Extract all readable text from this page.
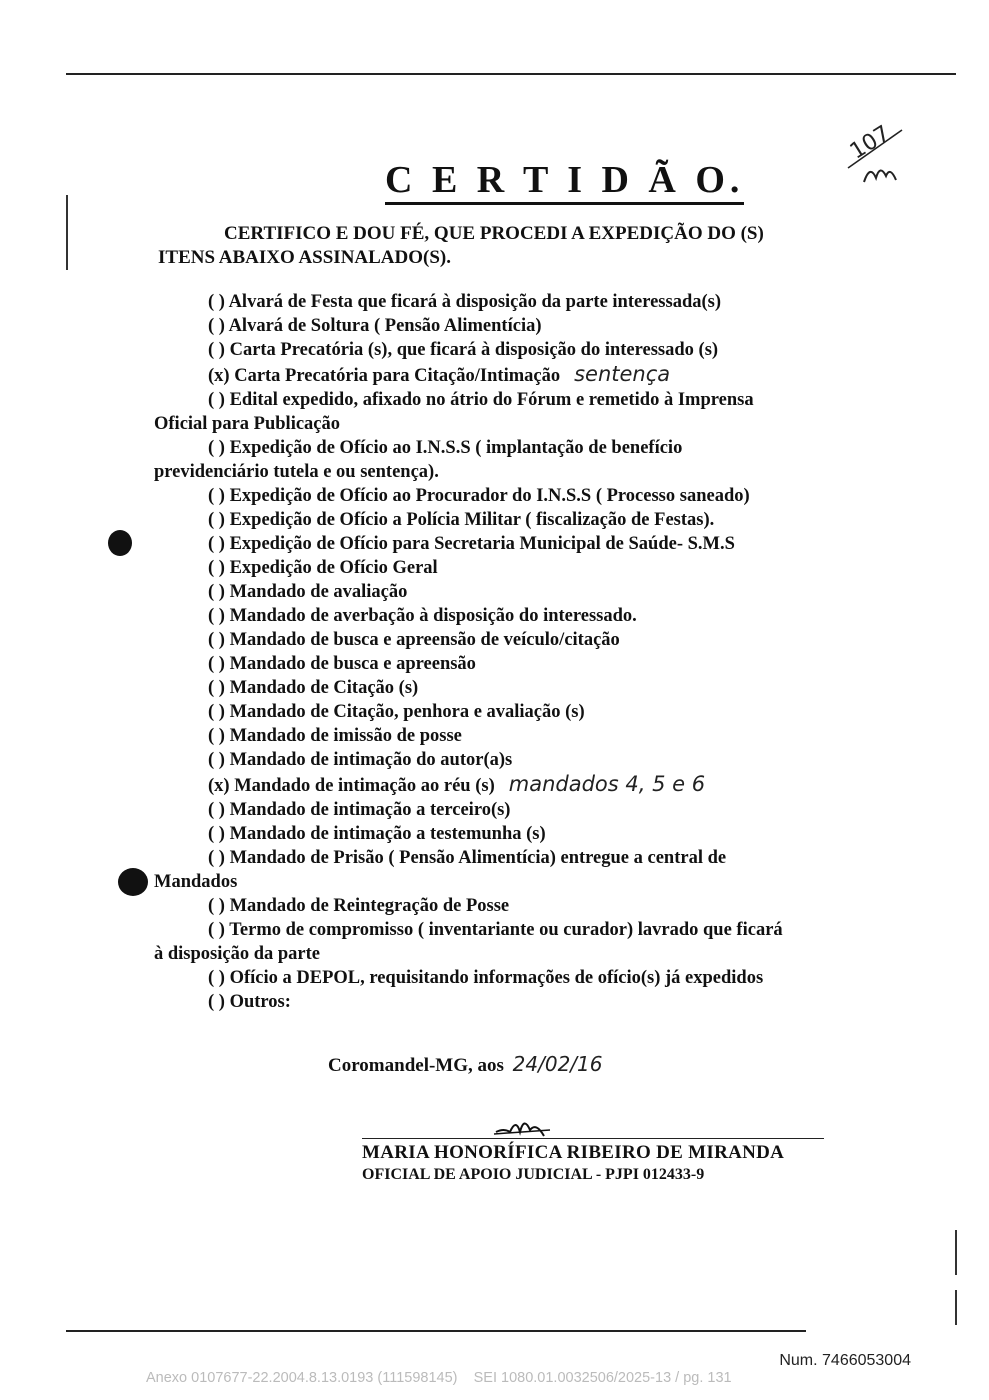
107
C E R T I D Ã O.
CERTIFICO E DOU FÉ, QUE PROCEDI A EXPEDIÇÃO DO (S)
ITENS ABAIXO ASSINALADO(S).
( ) Alvará de Festa que ficará à disposição da parte interessada(s)
( ) Alvará de Soltura ( Pensão Alimentícia)
( ) Carta Precatória (s), que ficará à disposição do interessado (s)
(x) Carta Precatória para Citação/Intimação sentença
( ) Edital expedido, afixado no átrio do Fórum e remetido à Imprensa
Oficial para Publicação
( ) Expedição de Ofício ao I.N.S.S ( implantação de benefício
previdenciário tutela e ou sentença).
( ) Expedição de Ofício ao Procurador do I.N.S.S ( Processo saneado)
( ) Expedição de Ofício a Polícia Militar ( fiscalização de Festas).
( ) Expedição de Ofício para Secretaria Municipal de Saúde- S.M.S
( ) Expedição de Ofício Geral
( ) Mandado de avaliação
( ) Mandado de averbação à disposição do interessado.
( ) Mandado de busca e apreensão de veículo/citação
( ) Mandado de busca e apreensão
( ) Mandado de Citação (s)
( ) Mandado de Citação, penhora e avaliação (s)
( ) Mandado de imissão de posse
( ) Mandado de intimação do autor(a)s
(x) Mandado de intimação ao réu (s) mandados 4, 5 e 6
( ) Mandado de intimação a terceiro(s)
( ) Mandado de intimação a testemunha (s)
( ) Mandado de Prisão ( Pensão Alimentícia) entregue a central de
Mandados
( ) Mandado de Reintegração de Posse
( ) Termo de compromisso ( inventariante ou curador) lavrado que ficará
à disposição da parte
( ) Ofício a DEPOL, requisitando informações de ofício(s) já expedidos
( ) Outros:
Coromandel-MG, aos 24/02/16
MARIA HONORÍFICA RIBEIRO DE MIRANDA
OFICIAL DE APOIO JUDICIAL - PJPI 012433-9
Num. 7466053004
Anexo 0107677-22.2004.8.13.0193 (111598145) SEI 1080.01.0032506/2025-13 / pg. 131
